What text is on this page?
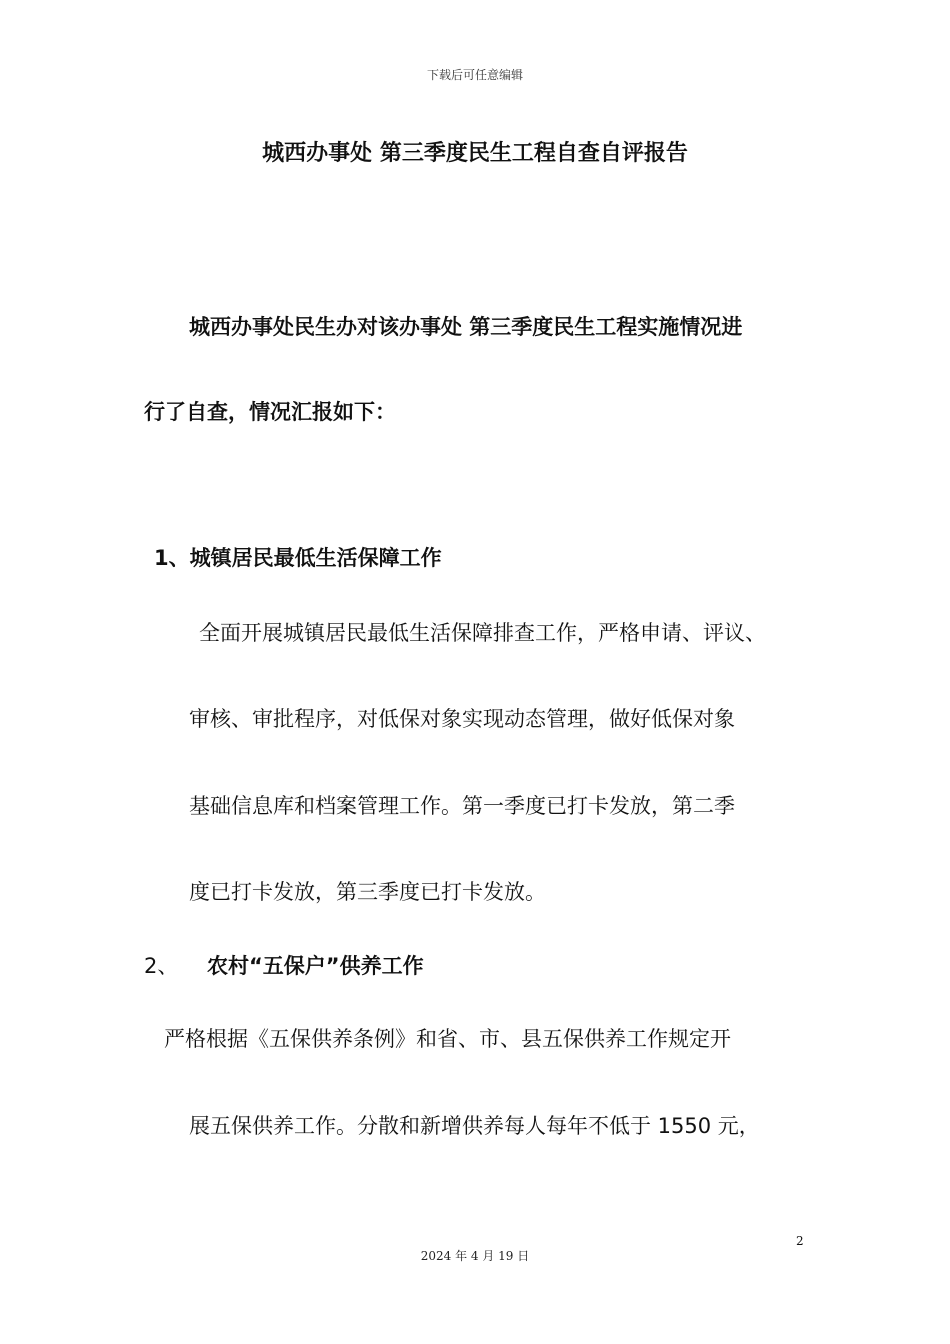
下载后可任意编辑
城西办事处 第三季度民生工程自查自评报告
城西办事处民生办对该办事处 第三季度民生工程实施情况进
行了自查，情况汇报如下：
1、城镇居民最低生活保障工作
全面开展城镇居民最低生活保障排查工作，严格申请、评议、
审核、审批程序，对低保对象实现动态管理，做好低保对象
基础信息库和档案管理工作。第一季度已打卡发放，第二季
度已打卡发放，第三季度已打卡发放。
2、 农村“五保户”供养工作
严格根据《五保供养条例》和省、市、县五保供养工作规定开
展五保供养工作。分散和新增供养每人每年不低于 1550 元，
2
2024 年 4 月 19 日
